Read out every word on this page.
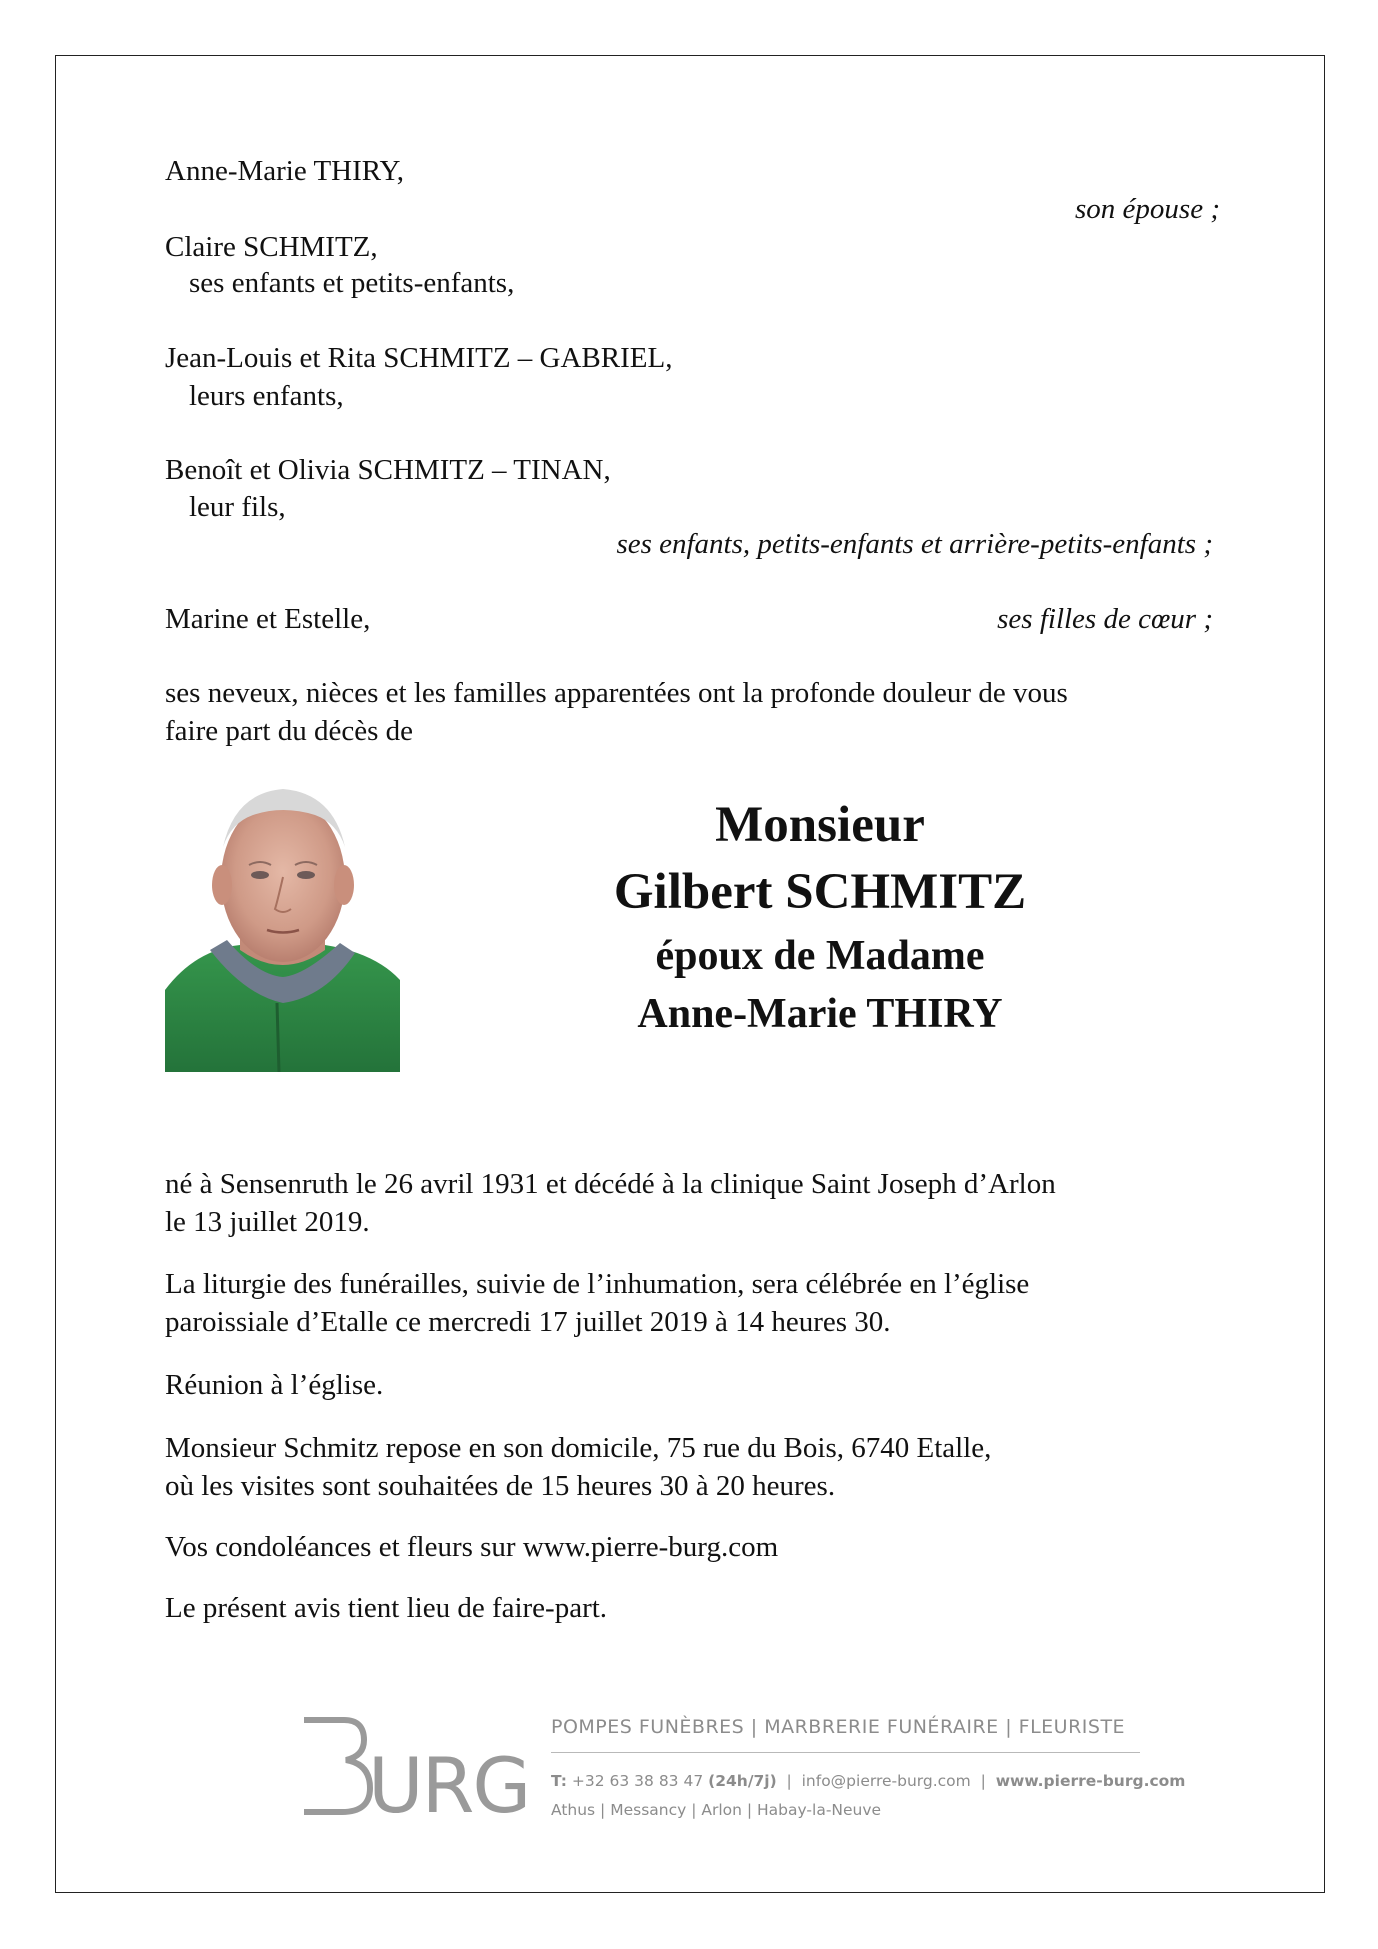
Anne-Marie THIRY,
son épouse ;
Claire SCHMITZ,
ses enfants et petits-enfants,
Jean-Louis et Rita SCHMITZ – GABRIEL,
leurs enfants,
Benoît et Olivia SCHMITZ – TINAN,
leur fils,
ses enfants, petits-enfants et arrière-petits-enfants ;
Marine et Estelle,	ses filles de cœur ;
ses neveux, nièces et les familles apparentées ont la profonde douleur de vous
faire part du décès de
Monsieur
Gilbert SCHMITZ
époux de Madame
Anne-Marie THIRY
né à Sensenruth le 26 avril 1931 et décédé à la clinique Saint Joseph d’Arlon
le 13 juillet 2019.
La liturgie des funérailles, suivie de l’inhumation, sera célébrée en l’église
paroissiale d’Etalle ce mercredi 17 juillet 2019 à 14 heures 30.
Réunion à l’église.
Monsieur Schmitz repose en son domicile, 75 rue du Bois, 6740 Etalle,
où les visites sont souhaitées de 15 heures 30 à 20 heures.
Vos condoléances et fleurs sur www.pierre-burg.com
Le présent avis tient lieu de faire-part.
URG
POMPES FUNÈBRES | MARBRERIE FUNÉRAIRE | FLEURISTE
T: +32 63 38 83 47 (24h/7j)  |  info@pierre-burg.com  |  www.pierre-burg.com
Athus | Messancy | Arlon | Habay-la-Neuve
